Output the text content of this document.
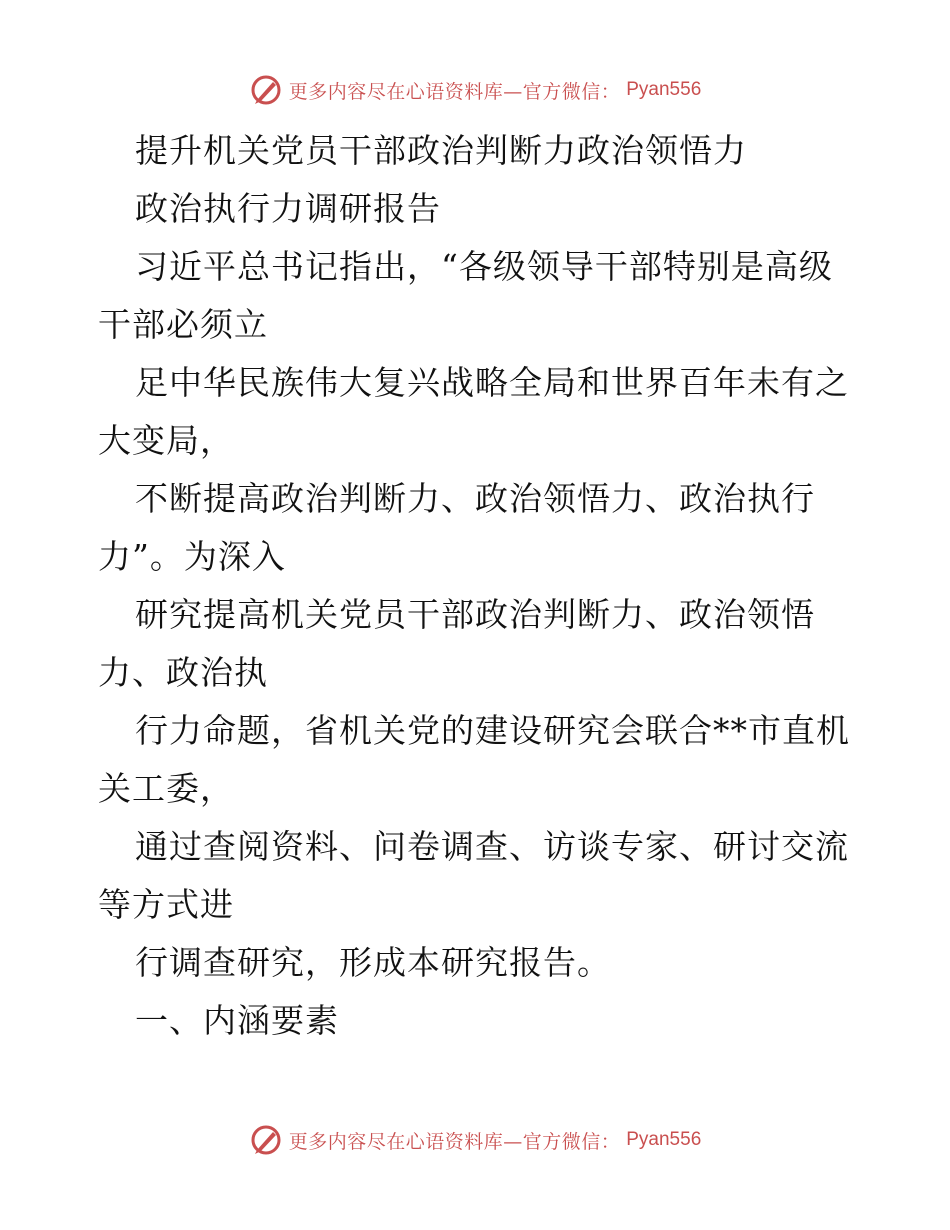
更多内容尽在心语资料库—官方微信： Pyan556
提升机关党员干部政治判断力政治领悟力
政治执行力调研报告
习近平总书记指出，“各级领导干部特别是高级
干部必须立
足中华民族伟大复兴战略全局和世界百年未有之
大变局，
不断提高政治判断力、政治领悟力、政治执行
力”。为深入
研究提高机关党员干部政治判断力、政治领悟
力、政治执
行力命题，省机关党的建设研究会联合**市直机
关工委，
通过查阅资料、问卷调查、访谈专家、研讨交流
等方式进
行调查研究，形成本研究报告。
一、内涵要素
更多内容尽在心语资料库—官方微信： Pyan556
